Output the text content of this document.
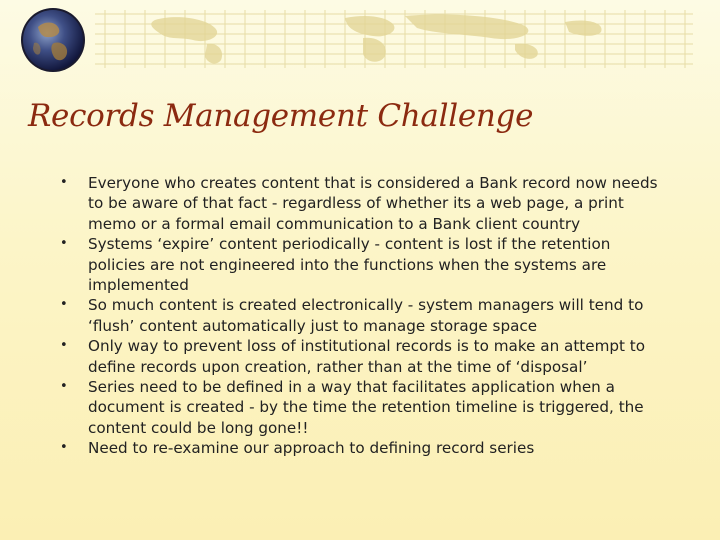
Records Management Challenge
• Everyone who creates content that is considered a Bank record now needs to be aware of that fact - regardless of whether its a web page, a print memo or a formal email communication to a Bank client country
• Systems ‘expire’ content periodically - content is lost if the retention policies are not engineered into the functions when the systems are implemented
• So much content is created electronically - system managers will tend to ‘flush’ content automatically just to manage storage space
• Only way to prevent loss of institutional records is to make an attempt to define records upon creation, rather than at the time of ‘disposal’
• Series need to be defined in a way that facilitates application when a document is created - by the time the retention timeline is triggered, the content could be long gone!!
• Need to re-examine our approach to defining record series
